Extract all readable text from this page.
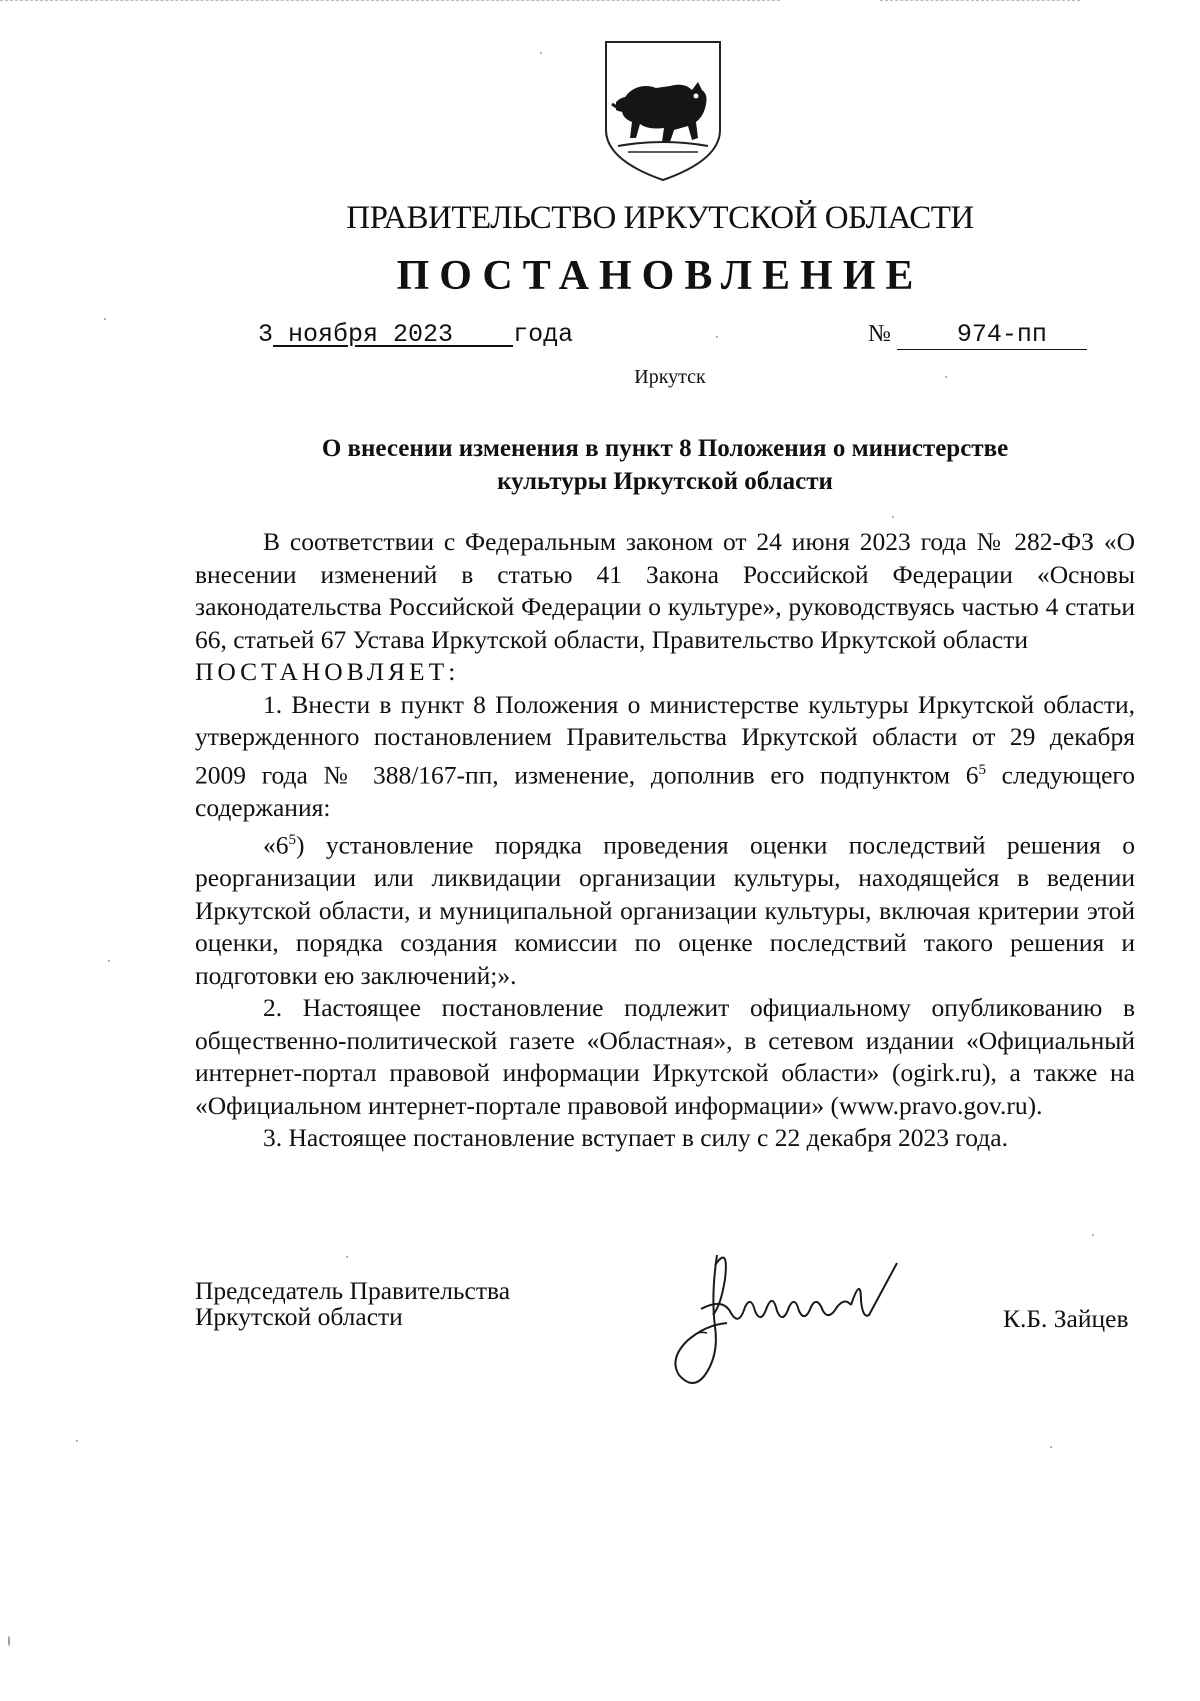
ПРАВИТЕЛЬСТВО ИРКУТСКОЙ ОБЛАСТИ
ПОСТАНОВЛЕНИЕ
3 ноября 2023 года	№	974-пп
Иркутск
О внесении изменения в пункт 8 Положения о министерстве
культуры Иркутской области

В соответствии с Федеральным законом от 24 июня 2023 года № 282-ФЗ «О внесении изменений в статью 41 Закона Российской Федерации «Основы законодательства Российской Федерации о культуре», руководствуясь частью 4 статьи 66, статьей 67 Устава Иркутской области, Правительство Иркутской области

ПОСТАНОВЛЯЕТ:

1. Внести в пункт 8 Положения о министерстве культуры Иркутской области, утвержденного постановлением Правительства Иркутской области от 29 декабря 2009 года № 388/167-пп, изменение, дополнив его подпунктом $6^5$ следующего содержания:

«$6^5$) установление порядка проведения оценки последствий решения о реорганизации или ликвидации организации культуры, находящейся в ведении Иркутской области, и муниципальной организации культуры, включая критерии этой оценки, порядка создания комиссии по оценке последствий такого решения и подготовки ею заключений;».

2. Настоящее постановление подлежит официальному опубликованию в общественно-политической газете «Областная», в сетевом издании «Официальный интернет-портал правовой информации Иркутской области» (ogirk.ru), а также на «Официальном интернет-портале правовой информации» (www.pravo.gov.ru).

3. Настоящее постановление вступает в силу с 22 декабря 2023 года.

Председатель Правительства
Иркутской области	К.Б. Зайцев
